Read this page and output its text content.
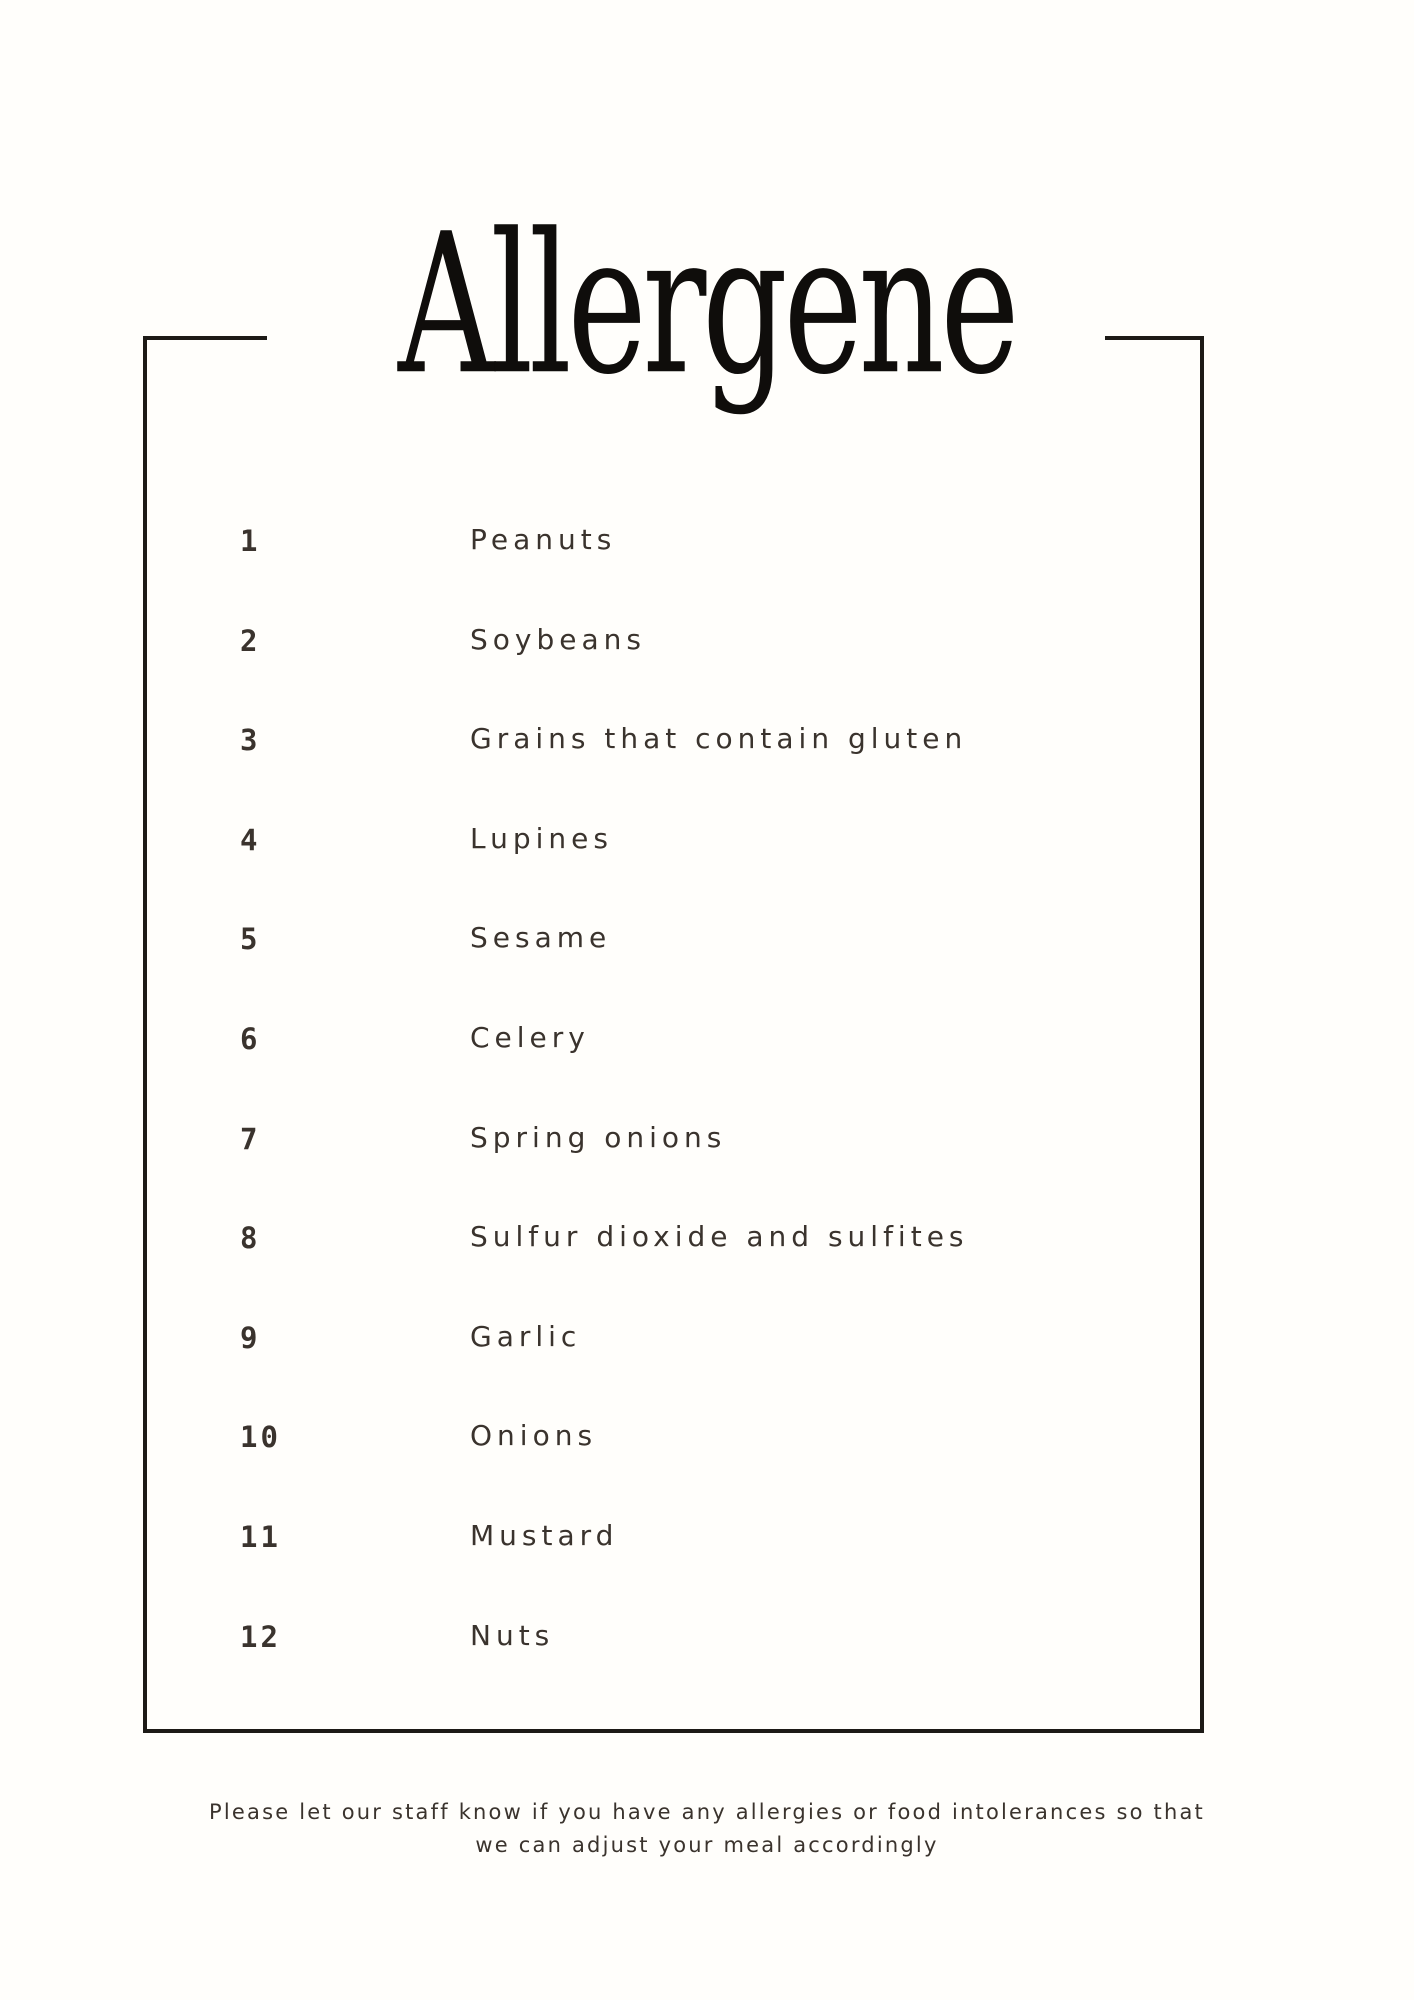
Allergene
1	Peanuts
2	Soybeans
3	Grains that contain gluten
4	Lupines
5	Sesame
6	Celery
7	Spring onions
8	Sulfur dioxide and sulfites
9	Garlic
10	Onions
11	Mustard
12	Nuts
Please let our staff know if you have any allergies or food intolerances so that
we can adjust your meal accordingly
